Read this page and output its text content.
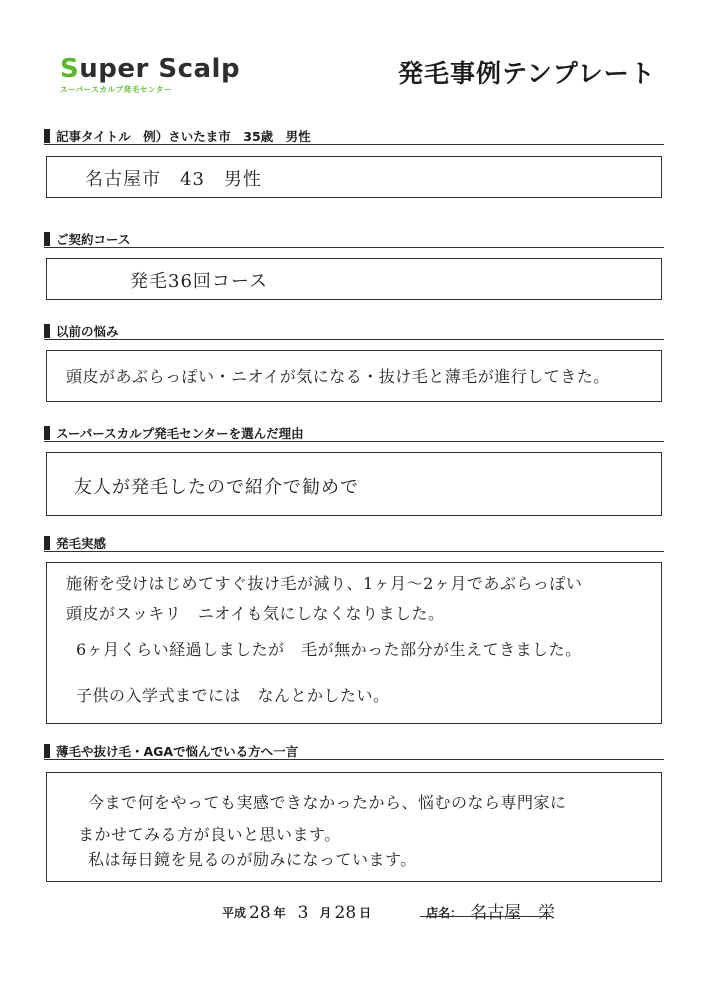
Super Scalp
スーパースカルプ発毛センター
発毛事例テンプレート
記事タイトル　例）さいたま市　35歳　男性
名古屋市　43　男性
ご契約コース
発毛36回コース
以前の悩み
頭皮があぶらっぽい・ニオイが気になる・抜け毛と薄毛が進行してきた。
スーパースカルプ発毛センターを選んだ理由
友人が発毛したので紹介で勧めで
発毛実感
施術を受けはじめてすぐ抜け毛が減り、1ヶ月〜2ヶ月であぶらっぽい
頭皮がスッキリ　ニオイも気にしなくなりました。
6ヶ月くらい経過しましたが　毛が無かった部分が生えてきました。
子供の入学式までには　なんとかしたい。
薄毛や抜け毛・AGAで悩んでいる方へ一言
今まで何をやっても実感できなかったから、悩むのなら専門家に
まかせてみる方が良いと思います。
私は毎日鏡を見るのが励みになっています。
平成 28 年 3 月 28 日	店名： 名古屋　栄
